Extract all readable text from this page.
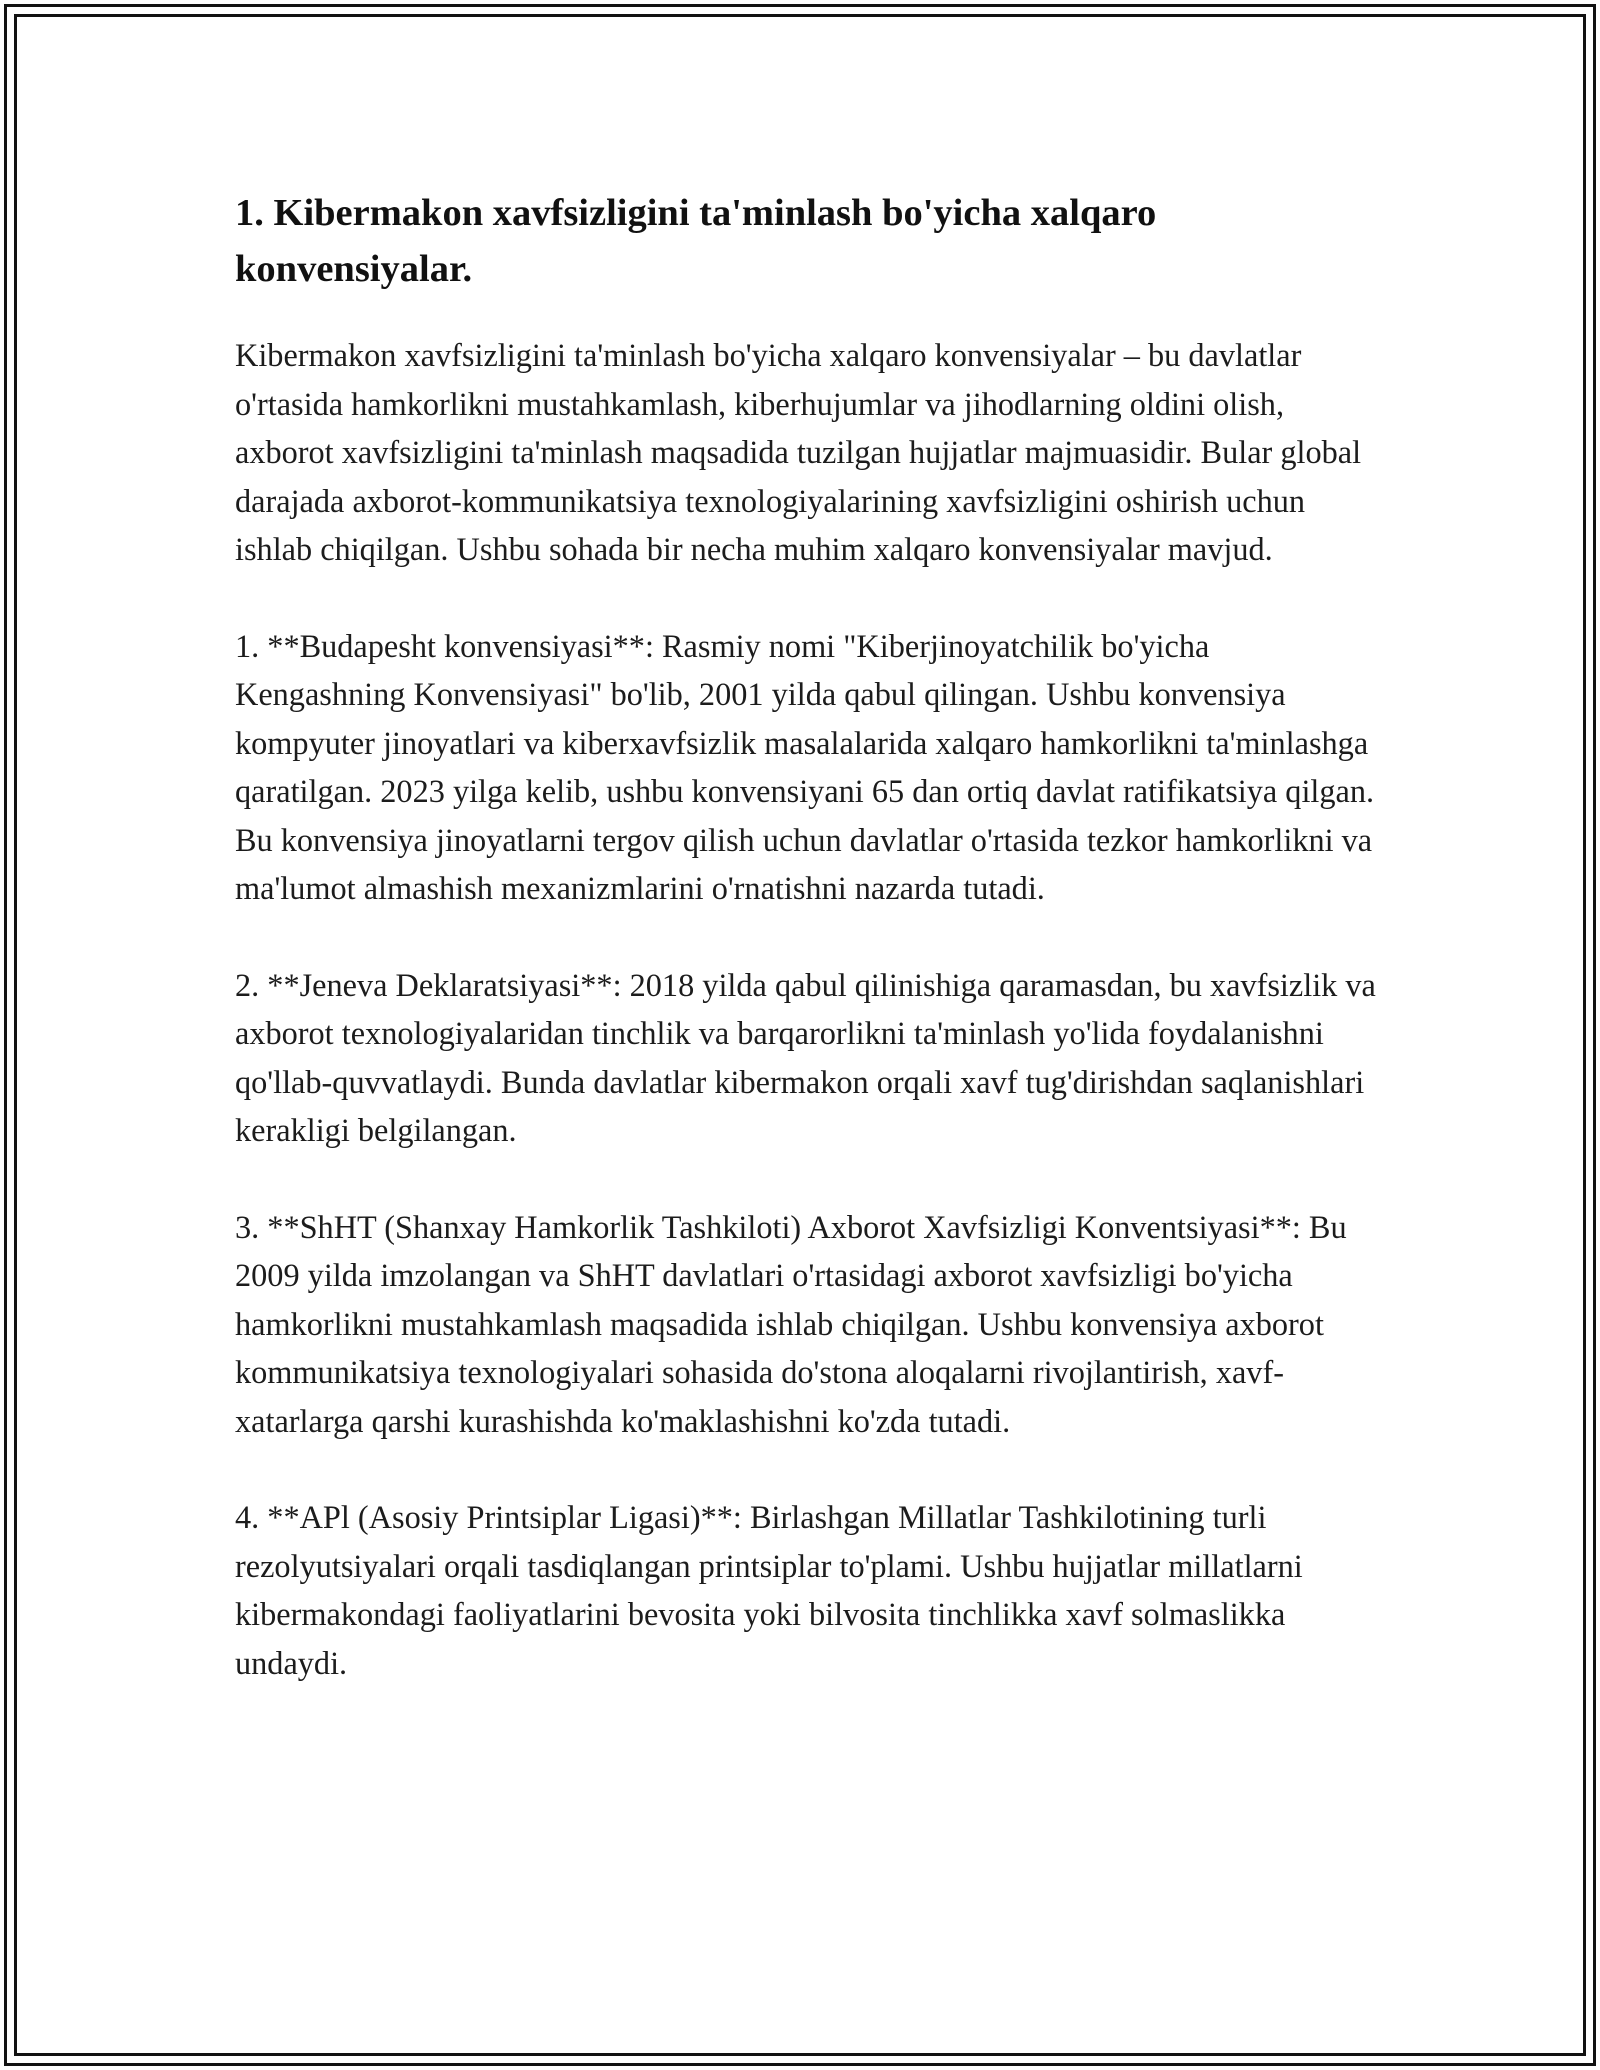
1. Kibermakon xavfsizligini ta'minlash bo'yicha xalqaro konvensiyalar.

Kibermakon xavfsizligini ta'minlash bo'yicha xalqaro konvensiyalar – bu davlatlar o'rtasida hamkorlikni mustahkamlash, kiberhujumlar va jihodlarning oldini olish, axborot xavfsizligini ta'minlash maqsadida tuzilgan hujjatlar majmuasidir. Bular global darajada axborot-kommunikatsiya texnologiyalarining xavfsizligini oshirish uchun ishlab chiqilgan. Ushbu sohada bir necha muhim xalqaro konvensiyalar mavjud.

1. **Budapesht konvensiyasi**: Rasmiy nomi "Kiberjinoyatchilik bo'yicha Kengashning Konvensiyasi" bo'lib, 2001 yilda qabul qilingan. Ushbu konvensiya kompyuter jinoyatlari va kiberxavfsizlik masalalarida xalqaro hamkorlikni ta'minlashga qaratilgan. 2023 yilga kelib, ushbu konvensiyani 65 dan ortiq davlat ratifikatsiya qilgan. Bu konvensiya jinoyatlarni tergov qilish uchun davlatlar o'rtasida tezkor hamkorlikni va ma'lumot almashish mexanizmlarini o'rnatishni nazarda tutadi.

2. **Jeneva Deklaratsiyasi**: 2018 yilda qabul qilinishiga qaramasdan, bu xavfsizlik va axborot texnologiyalaridan tinchlik va barqarorlikni ta'minlash yo'lida foydalanishni qo'llab-quvvatlaydi. Bunda davlatlar kibermakon orqali xavf tug'dirishdan saqlanishlari kerakligi belgilangan.

3. **ShHT (Shanxay Hamkorlik Tashkiloti) Axborot Xavfsizligi Konventsiyasi**: Bu 2009 yilda imzolangan va ShHT davlatlari o'rtasidagi axborot xavfsizligi bo'yicha hamkorlikni mustahkamlash maqsadida ishlab chiqilgan. Ushbu konvensiya axborot kommunikatsiya texnologiyalari sohasida do'stona aloqalarni rivojlantirish, xavf-xatarlarga qarshi kurashishda ko'maklashishni ko'zda tutadi.

4. **APl (Asosiy Printsiplar Ligasi)**: Birlashgan Millatlar Tashkilotining turli rezolyutsiyalari orqali tasdiqlangan printsiplar to'plami. Ushbu hujjatlar millatlarni kibermakondagi faoliyatlarini bevosita yoki bilvosita tinchlikka xavf solmaslikka undaydi.
